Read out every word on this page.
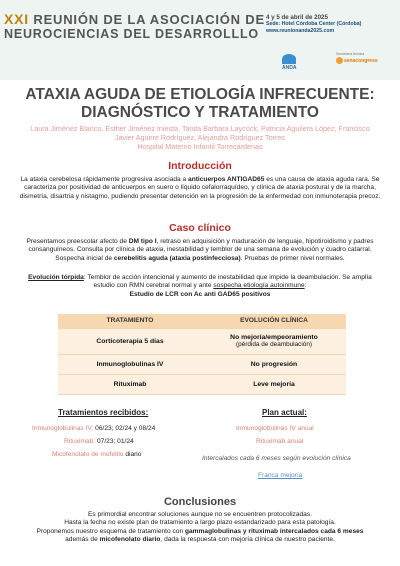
XXI REUNIÓN DE LA ASOCIACIÓN DE
NEUROCIENCIAS DEL DESARROLLLO
4 y 5 de abril de 2025
Sede: Hotel Córdoba Center (Córdoba)
www.reunionanda2025.com
ANDA
Secretaría técnica
senacongress
ATAXIA AGUDA DE ETIOLOGÍA INFRECUENTE:
DIAGNÓSTICO Y TRATAMIENTO
Laura Jiménez Blanco, Esther Jiménez Iniesta, Tanita Barbara Laycock, Patricia Aguilera López, Francisco
Javier Aguirre Rodríguez, Alejandra Rodríguez Torres
Hospital Materno Infantil Torrecárdenas
Introducción
La ataxia cerebelosa rápidamente progresiva asociada a anticuerpos ANTIGAD65 es una causa de ataxia aguda rara. Se caracteriza por positividad de anticuerpos en suero o líquido cefalorraquídeo, y clínica de ataxia postural y de la marcha, dismetría, disartria y nistagmo, pudiendo presentar detención en la progresión de la enfermedad con inmunoterapia precoz.
Caso clínico
Presentamos preescolar afecto de DM tipo I, retraso en adquisición y maduración de lenguaje, hipotiroidismo y padres consanguíneos. Consulta por clínica de ataxia, inestabilidad y temblor de una semana de evolución y cuadro catarral. Sospecha inicial de cerebelitis aguda (ataxia postinfecciosa). Pruebas de primer nivel normales.
Evolución tórpida: Temblor de acción intencional y aumento de inestabilidad que impide la deambulación. Se amplía estudio con RMN cerebral normal y ante sospecha etiología autoinmune:
Estudio de LCR con Ac anti GAD65 positivos
TRATAMIENTO	EVOLUCIÓN CLÍNICA
Corticoterapia 5 días	No mejoría/empeoramiento
(pérdida de deambulación)

Inmunoglobulinas IV	No progresión
Rituximab	Leve mejoría
Tratamientos recibidos:
Inmunoglobulinas IV: 06/23; 02/24 y 08/24
Rituximab: 07/23; 01/24
Micofenolato de mofetilo diario
Plan actual:
Inmunoglobulinas IV anual
Rituximab anual
Intercalados cada 6 meses según evolución clínica
Franca mejoría
Conclusiones
Es primordial encontrar soluciones aunque no se encuentren protocolizadas.
Hasta la fecha no existe plan de tratamiento a largo plazo estandarizado para esta patología.
Proponemos nuestro esquema de tratamiento con gammaglobulinas y rituximab intercalados cada 6 meses
además de micofenolato diario, dada la respuesta con mejoría clínica de nuestro paciente.
